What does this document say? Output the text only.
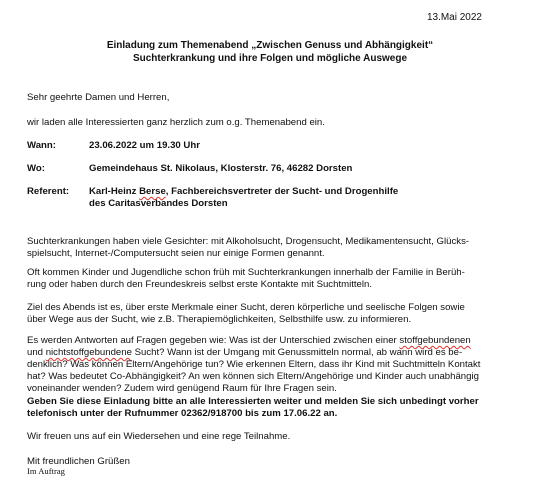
13.Mai 2022
Einladung zum Themenabend „Zwischen Genuss und Abhängigkeit“
Suchterkrankung und ihre Folgen und mögliche Auswege
Sehr geehrte Damen und Herren,
wir laden alle Interessierten ganz herzlich zum o.g. Themenabend ein.
Wann:	23.06.2022 um 19.30 Uhr
Wo:	Gemeindehaus St. Nikolaus, Klosterstr. 76, 46282 Dorsten
Referent: Karl-Heinz Berse, Fachbereichsvertreter der Sucht- und Drogenhilfe
des Caritasverbandes Dorsten
Suchterkrankungen haben viele Gesichter: mit Alkoholsucht, Drogensucht, Medikamentensucht, Glücks-
spielsucht, Internet-/Computersucht seien nur einige Formen genannt.
Oft kommen Kinder und Jugendliche schon früh mit Suchterkrankungen innerhalb der Familie in Berüh-
rung oder haben durch den Freundeskreis selbst erste Kontakte mit Suchtmitteln.
Ziel des Abends ist es, über erste Merkmale einer Sucht, deren körperliche und seelische Folgen sowie
über Wege aus der Sucht, wie z.B. Therapiemöglichkeiten, Selbsthilfe usw. zu informieren.
Es werden Antworten auf Fragen gegeben wie: Was ist der Unterschied zwischen einer stoffgebundenen
und nichtstoffgebundene Sucht? Wann ist der Umgang mit Genussmitteln normal, ab wann wird es be-
denklich? Was können Eltern/Angehörige tun? Wie erkennen Eltern, dass ihr Kind mit Suchtmitteln Kontakt
hat? Was bedeutet Co-Abhängigkeit? An wen können sich Eltern/Angehörige und Kinder auch unabhängig
voneinander wenden? Zudem wird genügend Raum für Ihre Fragen sein.
Geben Sie diese Einladung bitte an alle Interessierten weiter und melden Sie sich unbedingt vorher
telefonisch unter der Rufnummer 02362/918700 bis zum 17.06.22 an.
Wir freuen uns auf ein Wiedersehen und eine rege Teilnahme.
Mit freundlichen Grüßen
Im Auftrag
